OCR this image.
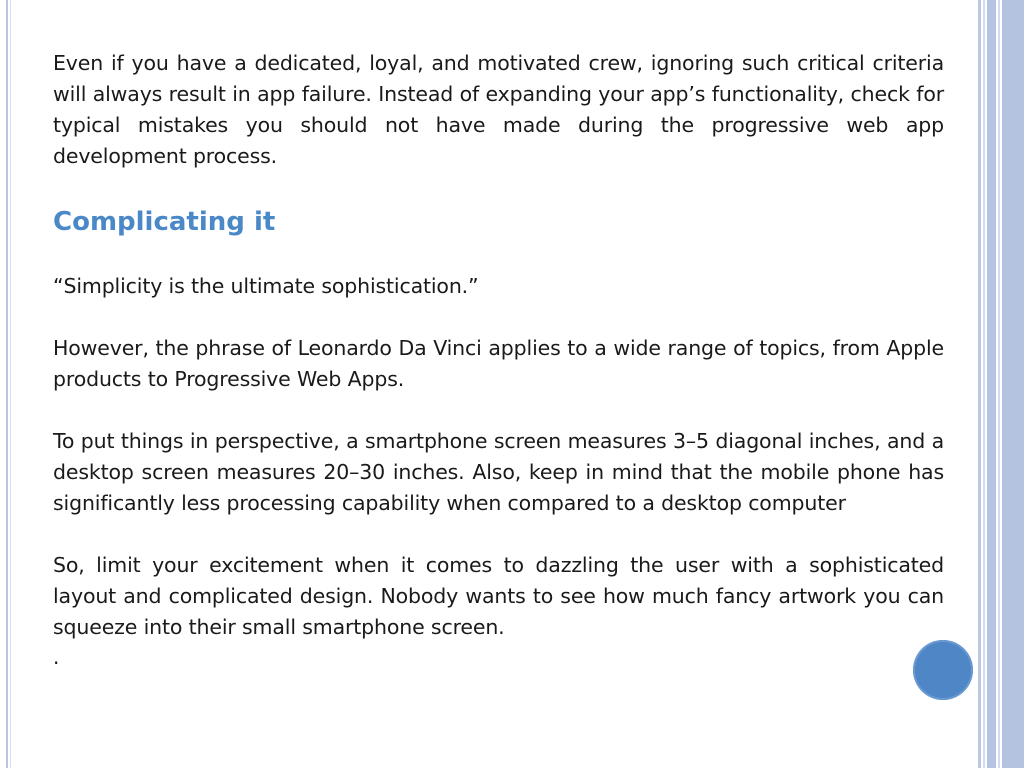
Even if you have a dedicated, loyal, and motivated crew, ignoring such critical criteria will always result in app failure. Instead of expanding your app’s functionality, check for typical mistakes you should not have made during the progressive web app development process.

Complicating it

“Simplicity is the ultimate sophistication.”

However, the phrase of Leonardo Da Vinci applies to a wide range of topics, from Apple products to Progressive Web Apps.

To put things in perspective, a smartphone screen measures 3–5 diagonal inches, and a desktop screen measures 20–30 inches. Also, keep in mind that the mobile phone has significantly less processing capability when compared to a desktop computer

So, limit your excitement when it comes to dazzling the user with a sophisticated layout and complicated design. Nobody wants to see how much fancy artwork you can squeeze into their small smartphone screen.

.
